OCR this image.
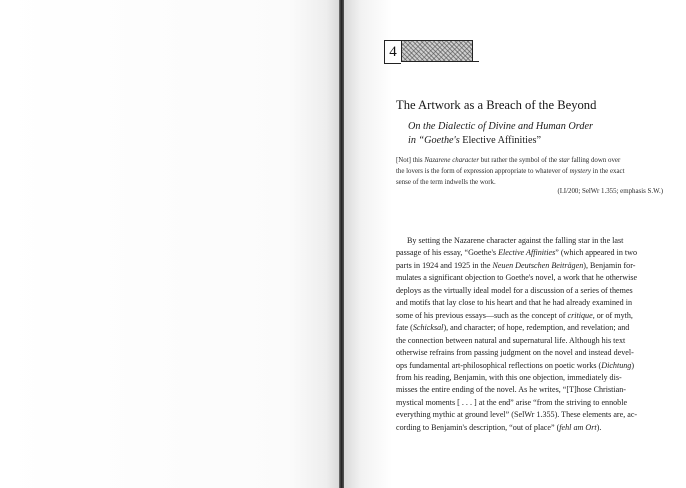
4
The Artwork as a Breach of the Beyond
On the Dialectic of Divine and Human Order
in “Goethe's Elective Affinities”
[Not] this Nazarene character but rather the symbol of the star falling down over
the lovers is the form of expression appropriate to whatever of mystery in the exact
sense of the term indwells the work.
(I.I/200; SelWr 1.355; emphasis S.W.)
By setting the Nazarene character against the falling star in the last
passage of his essay, “Goethe's Elective Affinities” (which appeared in two
parts in 1924 and 1925 in the Neuen Deutschen Beiträgen), Benjamin for-
mulates a significant objection to Goethe's novel, a work that he otherwise
deploys as the virtually ideal model for a discussion of a series of themes
and motifs that lay close to his heart and that he had already examined in
some of his previous essays—such as the concept of critique, or of myth,
fate (Schicksal), and character; of hope, redemption, and revelation; and
the connection between natural and supernatural life. Although his text
otherwise refrains from passing judgment on the novel and instead devel-
ops fundamental art-philosophical reflections on poetic works (Dichtung)
from his reading, Benjamin, with this one objection, immediately dis-
misses the entire ending of the novel. As he writes, “[T]hose Christian-
mystical moments [ . . . ] at the end” arise “from the striving to ennoble
everything mythic at ground level” (SelWr 1.355). These elements are, ac-
cording to Benjamin's description, “out of place” (fehl am Ort).
